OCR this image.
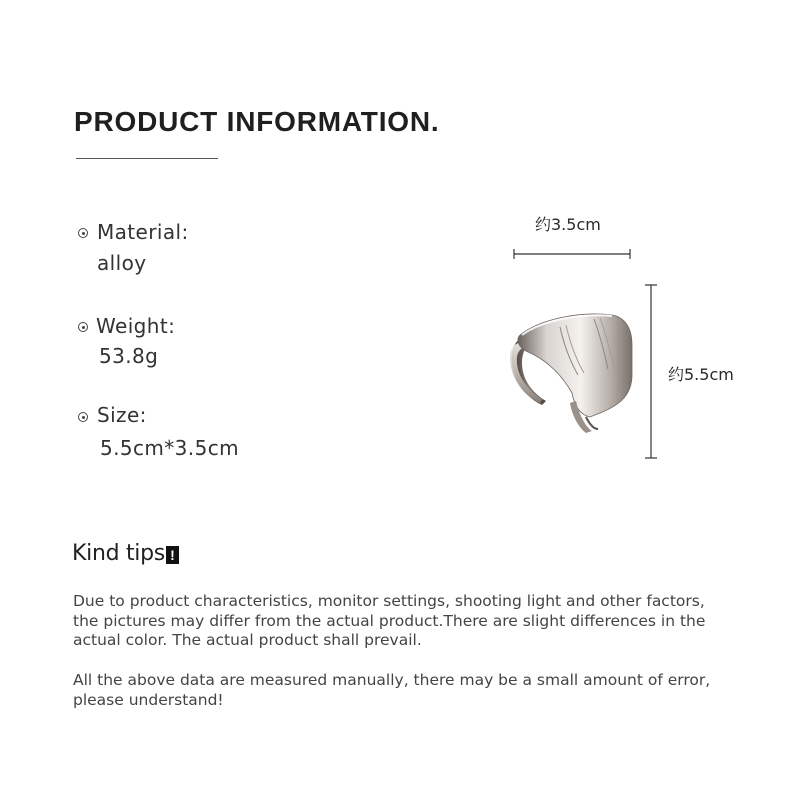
PRODUCT INFORMATION.
Material:
alloy
Weight:
53.8g
Size:
5.5cm*3.5cm
约3.5cm
约5.5cm
Kind tips !
Due to product characteristics, monitor settings, shooting light and other factors, the pictures may differ from the actual product.There are slight differences in the actual color. The actual product shall prevail.
All the above data are measured manually, there may be a small amount of error, please understand!
